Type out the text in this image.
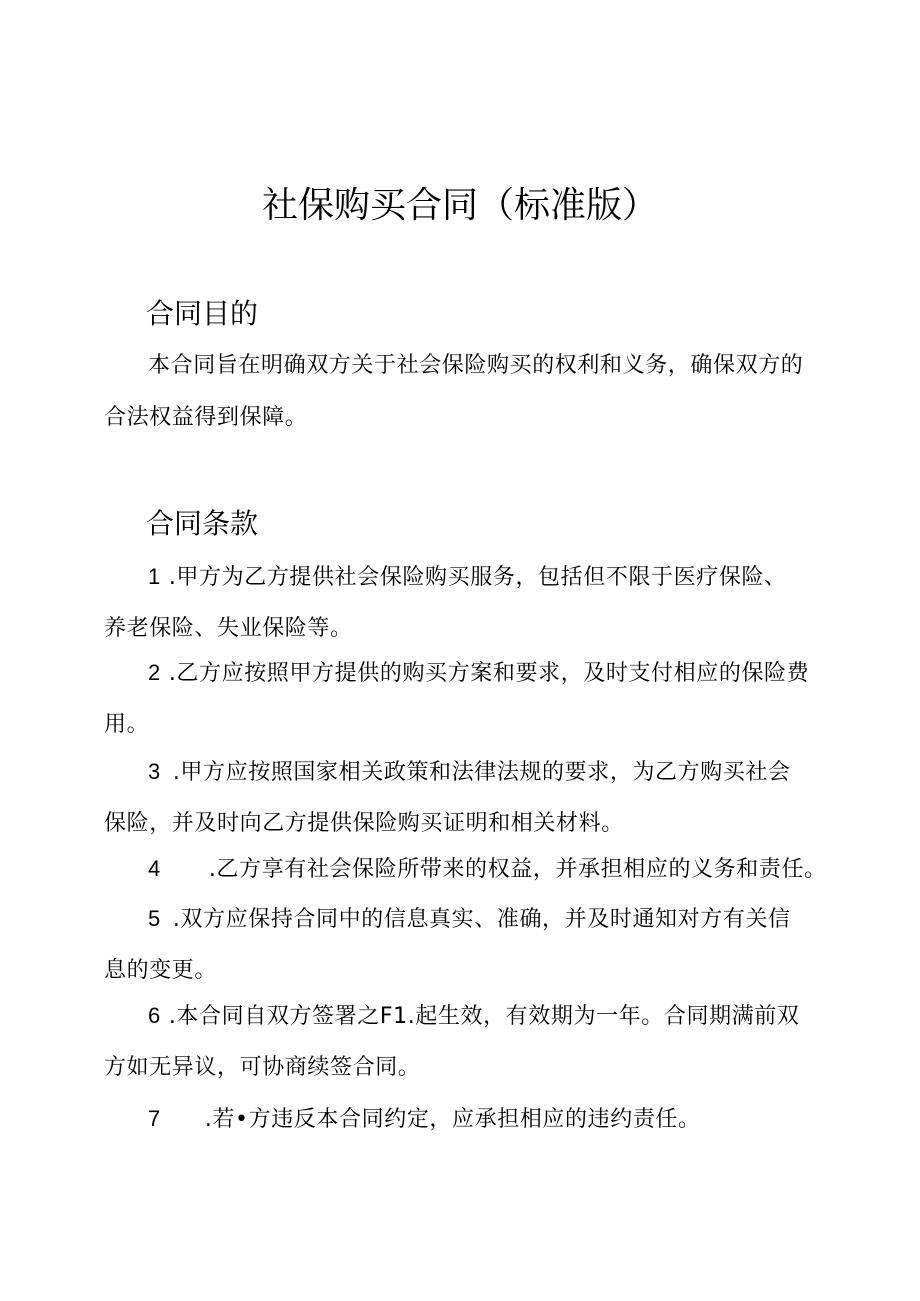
社保购买合同（标准版）
合同目的
本合同旨在明确双方关于社会保险购买的权利和义务，确保双方的
合法权益得到保障。
合同条款
1 .甲方为乙方提供社会保险购买服务，包括但不限于医疗保险、
养老保险、失业保险等。
2 .乙方应按照甲方提供的购买方案和要求，及时支付相应的保险费
用。
3 .甲方应按照国家相关政策和法律法规的要求，为乙方购买社会
保险，并及时向乙方提供保险购买证明和相关材料。
4 .乙方享有社会保险所带来的权益，并承担相应的义务和责任。
5 .双方应保持合同中的信息真实、准确，并及时通知对方有关信
息的变更。
6 .本合同自双方签署之F1.起生效，有效期为一年。合同期满前双
方如无异议，可协商续签合同。
7 .若•方违反本合同约定，应承担相应的违约责任。
